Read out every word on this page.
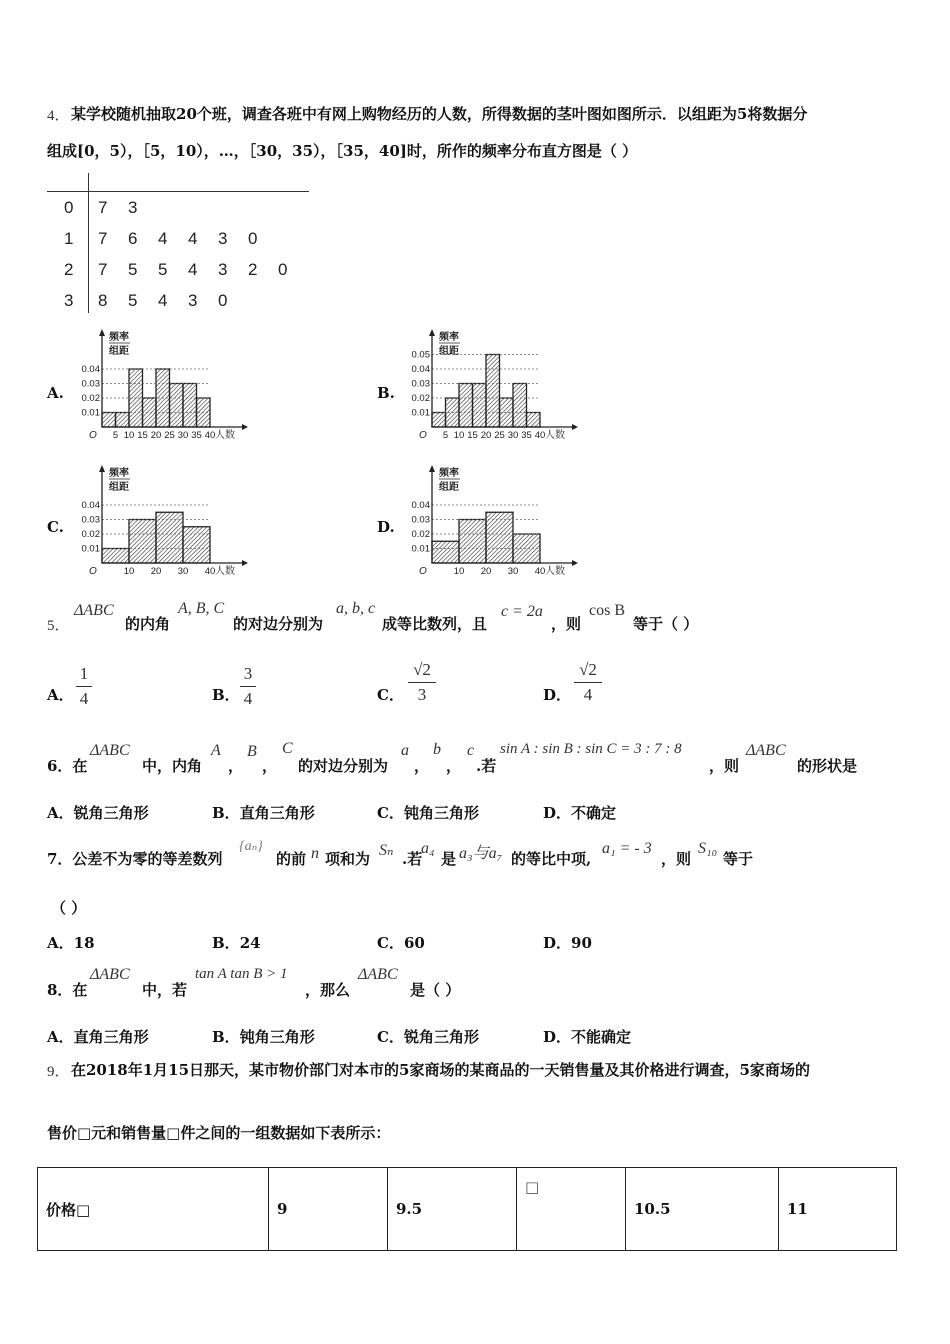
4． 某学校随机抽取20个班，调查各班中有网上购物经历的人数，所得数据的茎叶图如图所示．以组距为5将数据分
组成[0，5），［5，10），…，［30，35），［35，40]时，所作的频率分布直方图是（ ）
0 7 3
1 7 6 4 4 3 0
2 7 5 5 4 3 2 0
3 8 5 4 3 0
A.	B.
C.	D.
0.01
0.02
0.03
0.04
频率
组距
O 5 10 15 20 25 30 35 40 人数
0.01
0.02
0.03
0.04
0.05
频率
组距
O 5 10 15 20 25 30 35 40 人数
0.01
0.02
0.03
0.04
频率
组距
O	10 20 30 40 人数
0.01
0.02
0.03
0.04
频率
组距
O	10 20 30 40 人数
5．
ΔABC
的内角
A, B, C
的对边分别为
a, b, c
成等比数列，且
c = 2a
，则
cos B
等于（ ）
A．
1
4	B．
3
4	C．
√2
3	D．
√2
4
6．在
ΔABC
中，内角
A
，
B
，
C
的对边分别为
a
，
b
，
c
.若
sin A : sin B : sin C = 3 : 7 : 8
，则
ΔABC
的形状是
A．锐角三角形	B．直角三角形	C．钝角三角形	D．不确定
7．公差不为零的等差数列
{aₙ}
的前 n 项和为 Sₙ .若
a₄
是 a₃与a₇ 的等比中项,
a₁ = - 3
，则
S₁₀
等于
（ ）
A．18	B．24	C．60	D．90
8．在
ΔABC
中，若
tan A tan B > 1
，那么
ΔABC
是（ ）
A．直角三角形	B．钝角三角形	C．锐角三角形	D．不能确定
9． 在2018年1月15日那天，某市物价部门对本市的5家商场的某商品的一天销售量及其价格进行调查，5家商场的
售价□元和销售量□件之间的一组数据如下表所示：
价格□	9	9.5	□	10.5	11
